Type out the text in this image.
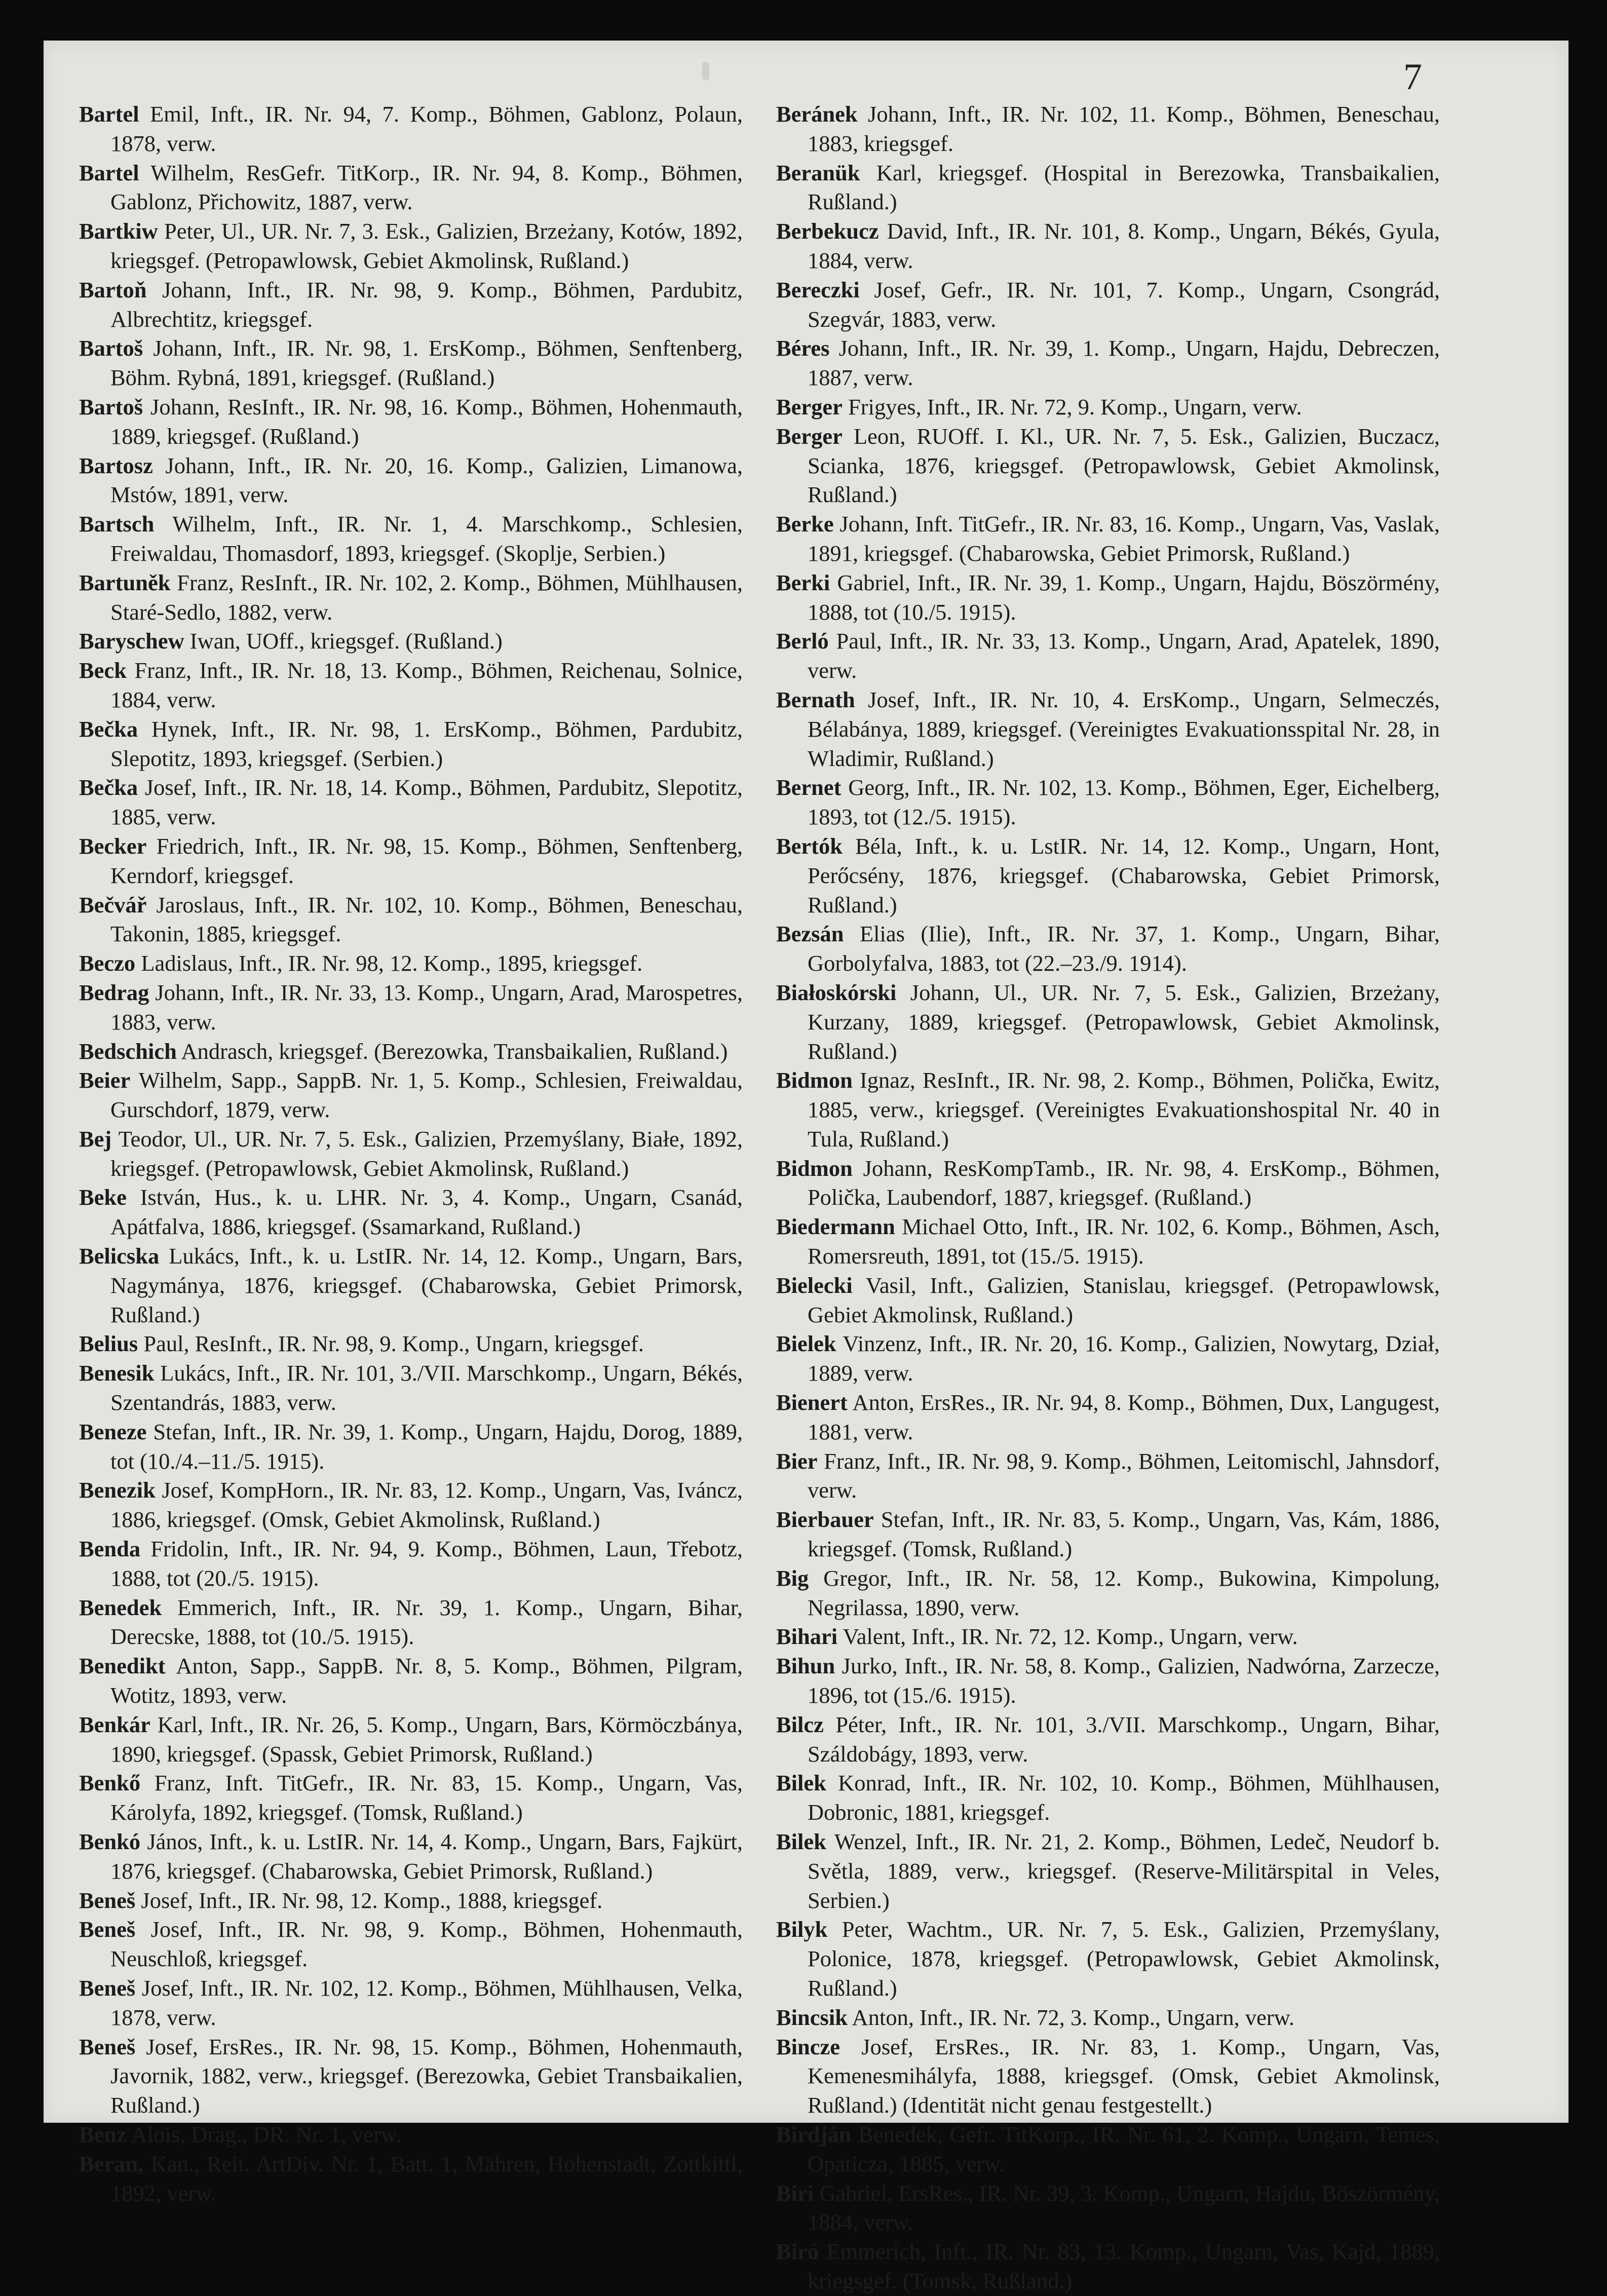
7

Bartel Emil, Inft., IR. Nr. 94, 7. Komp., Böhmen, Gablonz, Polaun, 1878, verw.

Bartel Wilhelm, ResGefr. TitKorp., IR. Nr. 94, 8. Komp., Böhmen, Gablonz, Přichowitz, 1887, verw.

Bartkiw Peter, Ul., UR. Nr. 7, 3. Esk., Galizien, Brzeżany, Kotów, 1892, kriegsgef. (Petropawlowsk, Gebiet Akmolinsk, Rußland.)

Bartoň Johann, Inft., IR. Nr. 98, 9. Komp., Böhmen, Pardubitz, Albrechtitz, kriegsgef.

Bartoš Johann, Inft., IR. Nr. 98, 1. ErsKomp., Böhmen, Senftenberg, Böhm. Rybná, 1891, kriegsgef. (Rußland.)

Bartoš Johann, ResInft., IR. Nr. 98, 16. Komp., Böhmen, Hohenmauth, 1889, kriegsgef. (Rußland.)

Bartosz Johann, Inft., IR. Nr. 20, 16. Komp., Galizien, Limanowa, Mstów, 1891, verw.

Bartsch Wilhelm, Inft., IR. Nr. 1, 4. Marschkomp., Schlesien, Freiwaldau, Thomasdorf, 1893, kriegsgef. (Skoplje, Serbien.)

Bartuněk Franz, ResInft., IR. Nr. 102, 2. Komp., Böhmen, Mühlhausen, Staré-Sedlo, 1882, verw.

Baryschew Iwan, UOff., kriegsgef. (Rußland.)

Beck Franz, Inft., IR. Nr. 18, 13. Komp., Böhmen, Reichenau, Solnice, 1884, verw.

Bečka Hynek, Inft., IR. Nr. 98, 1. ErsKomp., Böhmen, Pardubitz, Slepotitz, 1893, kriegsgef. (Serbien.)

Bečka Josef, Inft., IR. Nr. 18, 14. Komp., Böhmen, Pardubitz, Slepotitz, 1885, verw.

Becker Friedrich, Inft., IR. Nr. 98, 15. Komp., Böhmen, Senftenberg, Kerndorf, kriegsgef.

Bečvář Jaroslaus, Inft., IR. Nr. 102, 10. Komp., Böhmen, Beneschau, Takonin, 1885, kriegsgef.

Beczo Ladislaus, Inft., IR. Nr. 98, 12. Komp., 1895, kriegsgef.

Bedrag Johann, Inft., IR. Nr. 33, 13. Komp., Ungarn, Arad, Marospetres, 1883, verw.

Bedschich Andrasch, kriegsgef. (Berezowka, Transbaikalien, Rußland.)

Beier Wilhelm, Sapp., SappB. Nr. 1, 5. Komp., Schlesien, Freiwaldau, Gurschdorf, 1879, verw.

Bej Teodor, Ul., UR. Nr. 7, 5. Esk., Galizien, Przemyślany, Białe, 1892, kriegsgef. (Petropawlowsk, Gebiet Akmolinsk, Rußland.)

Beke István, Hus., k. u. LHR. Nr. 3, 4. Komp., Ungarn, Csanád, Apátfalva, 1886, kriegsgef. (Ssamarkand, Rußland.)

Belicska Lukács, Inft., k. u. LstIR. Nr. 14, 12. Komp., Ungarn, Bars, Nagymánya, 1876, kriegsgef. (Chabarowska, Gebiet Primorsk, Rußland.)

Belius Paul, ResInft., IR. Nr. 98, 9. Komp., Ungarn, kriegsgef.

Benesik Lukács, Inft., IR. Nr. 101, 3./VII. Marschkomp., Ungarn, Békés, Szentandrás, 1883, verw.

Beneze Stefan, Inft., IR. Nr. 39, 1. Komp., Ungarn, Hajdu, Dorog, 1889, tot (10./4.–11./5. 1915).

Benezik Josef, KompHorn., IR. Nr. 83, 12. Komp., Ungarn, Vas, Iváncz, 1886, kriegsgef. (Omsk, Gebiet Akmolinsk, Rußland.)

Benda Fridolin, Inft., IR. Nr. 94, 9. Komp., Böhmen, Laun, Třebotz, 1888, tot (20./5. 1915).

Benedek Emmerich, Inft., IR. Nr. 39, 1. Komp., Ungarn, Bihar, Derecske, 1888, tot (10./5. 1915).

Benedikt Anton, Sapp., SappB. Nr. 8, 5. Komp., Böhmen, Pilgram, Wotitz, 1893, verw.

Benkár Karl, Inft., IR. Nr. 26, 5. Komp., Ungarn, Bars, Körmöczbánya, 1890, kriegsgef. (Spassk, Gebiet Primorsk, Rußland.)

Benkő Franz, Inft. TitGefr., IR. Nr. 83, 15. Komp., Ungarn, Vas, Károlyfa, 1892, kriegsgef. (Tomsk, Rußland.)

Benkó János, Inft., k. u. LstIR. Nr. 14, 4. Komp., Ungarn, Bars, Fajkürt, 1876, kriegsgef. (Chabarowska, Gebiet Primorsk, Rußland.)

Beneš Josef, Inft., IR. Nr. 98, 12. Komp., 1888, kriegsgef.

Beneš Josef, Inft., IR. Nr. 98, 9. Komp., Böhmen, Hohenmauth, Neuschloß, kriegsgef.

Beneš Josef, Inft., IR. Nr. 102, 12. Komp., Böhmen, Mühlhausen, Velka, 1878, verw.

Beneš Josef, ErsRes., IR. Nr. 98, 15. Komp., Böhmen, Hohenmauth, Javornik, 1882, verw., kriegsgef. (Berezowka, Gebiet Transbaikalien, Rußland.)

Benz Alois, Drag., DR. Nr. 1, verw.

Beran, Kan., Reit. ArtDiv. Nr. 1, Batt. 1, Mähren, Hohenstadt, Zottkittl, 1892, verw.

Beránek Johann, Inft., IR. Nr. 102, 11. Komp., Böhmen, Beneschau, 1883, kriegsgef.

Beranük Karl, kriegsgef. (Hospital in Berezowka, Transbaikalien, Rußland.)

Berbekucz David, Inft., IR. Nr. 101, 8. Komp., Ungarn, Békés, Gyula, 1884, verw.

Bereczki Josef, Gefr., IR. Nr. 101, 7. Komp., Ungarn, Csongrád, Szegvár, 1883, verw.

Béres Johann, Inft., IR. Nr. 39, 1. Komp., Ungarn, Hajdu, Debreczen, 1887, verw.

Berger Frigyes, Inft., IR. Nr. 72, 9. Komp., Ungarn, verw.

Berger Leon, RUOff. I. Kl., UR. Nr. 7, 5. Esk., Galizien, Buczacz, Scianka, 1876, kriegsgef. (Petropawlowsk, Gebiet Akmolinsk, Rußland.)

Berke Johann, Inft. TitGefr., IR. Nr. 83, 16. Komp., Ungarn, Vas, Vaslak, 1891, kriegsgef. (Chabarowska, Gebiet Primorsk, Rußland.)

Berki Gabriel, Inft., IR. Nr. 39, 1. Komp., Ungarn, Hajdu, Böszörmény, 1888, tot (10./5. 1915).

Berló Paul, Inft., IR. Nr. 33, 13. Komp., Ungarn, Arad, Apatelek, 1890, verw.

Bernath Josef, Inft., IR. Nr. 10, 4. ErsKomp., Ungarn, Selmeczés, Bélabánya, 1889, kriegsgef. (Vereinigtes Evakuationsspital Nr. 28, in Wladimir, Rußland.)

Bernet Georg, Inft., IR. Nr. 102, 13. Komp., Böhmen, Eger, Eichelberg, 1893, tot (12./5. 1915).

Bertók Béla, Inft., k. u. LstIR. Nr. 14, 12. Komp., Ungarn, Hont, Perőcsény, 1876, kriegsgef. (Chabarowska, Gebiet Primorsk, Rußland.)

Bezsán Elias (Ilie), Inft., IR. Nr. 37, 1. Komp., Ungarn, Bihar, Gorbolyfalva, 1883, tot (22.–23./9. 1914).

Białoskórski Johann, Ul., UR. Nr. 7, 5. Esk., Galizien, Brzeżany, Kurzany, 1889, kriegsgef. (Petropawlowsk, Gebiet Akmolinsk, Rußland.)

Bidmon Ignaz, ResInft., IR. Nr. 98, 2. Komp., Böhmen, Polička, Ewitz, 1885, verw., kriegsgef. (Vereinigtes Evakuationshospital Nr. 40 in Tula, Rußland.)

Bidmon Johann, ResKompTamb., IR. Nr. 98, 4. ErsKomp., Böhmen, Polička, Laubendorf, 1887, kriegsgef. (Rußland.)

Biedermann Michael Otto, Inft., IR. Nr. 102, 6. Komp., Böhmen, Asch, Romersreuth, 1891, tot (15./5. 1915).

Bielecki Vasil, Inft., Galizien, Stanislau, kriegsgef. (Petropawlowsk, Gebiet Akmolinsk, Rußland.)

Bielek Vinzenz, Inft., IR. Nr. 20, 16. Komp., Galizien, Nowytarg, Dział, 1889, verw.

Bienert Anton, ErsRes., IR. Nr. 94, 8. Komp., Böhmen, Dux, Langugest, 1881, verw.

Bier Franz, Inft., IR. Nr. 98, 9. Komp., Böhmen, Leitomischl, Jahnsdorf, verw.

Bierbauer Stefan, Inft., IR. Nr. 83, 5. Komp., Ungarn, Vas, Kám, 1886, kriegsgef. (Tomsk, Rußland.)

Big Gregor, Inft., IR. Nr. 58, 12. Komp., Bukowina, Kimpolung, Negrilassa, 1890, verw.

Bihari Valent, Inft., IR. Nr. 72, 12. Komp., Ungarn, verw.

Bihun Jurko, Inft., IR. Nr. 58, 8. Komp., Galizien, Nadwórna, Zarzecze, 1896, tot (15./6. 1915).

Bilcz Péter, Inft., IR. Nr. 101, 3./VII. Marschkomp., Ungarn, Bihar, Száldobágy, 1893, verw.

Bilek Konrad, Inft., IR. Nr. 102, 10. Komp., Böhmen, Mühlhausen, Dobronic, 1881, kriegsgef.

Bilek Wenzel, Inft., IR. Nr. 21, 2. Komp., Böhmen, Ledeč, Neudorf b. Světla, 1889, verw., kriegsgef. (Reserve-Militärspital in Veles, Serbien.)

Bilyk Peter, Wachtm., UR. Nr. 7, 5. Esk., Galizien, Przemyślany, Polonice, 1878, kriegsgef. (Petropawlowsk, Gebiet Akmolinsk, Rußland.)

Bincsik Anton, Inft., IR. Nr. 72, 3. Komp., Ungarn, verw.

Bincze Josef, ErsRes., IR. Nr. 83, 1. Komp., Ungarn, Vas, Kemenesmihályfa, 1888, kriegsgef. (Omsk, Gebiet Akmolinsk, Rußland.) (Identität nicht genau festgestellt.)

Birdján Benedek, Gefr. TitKorp., IR. Nr. 61, 2. Komp., Ungarn, Temes, Opaticza, 1885, verw.

Biri Gabriel, ErsRes., IR. Nr. 39, 3. Komp., Ungarn, Hajdu, Böszörmény, 1884, verw.

Biró Emmerich, Inft., IR. Nr. 83, 13. Komp., Ungarn, Vas, Kajd, 1889, kriegsgef. (Tomsk, Rußland.)
